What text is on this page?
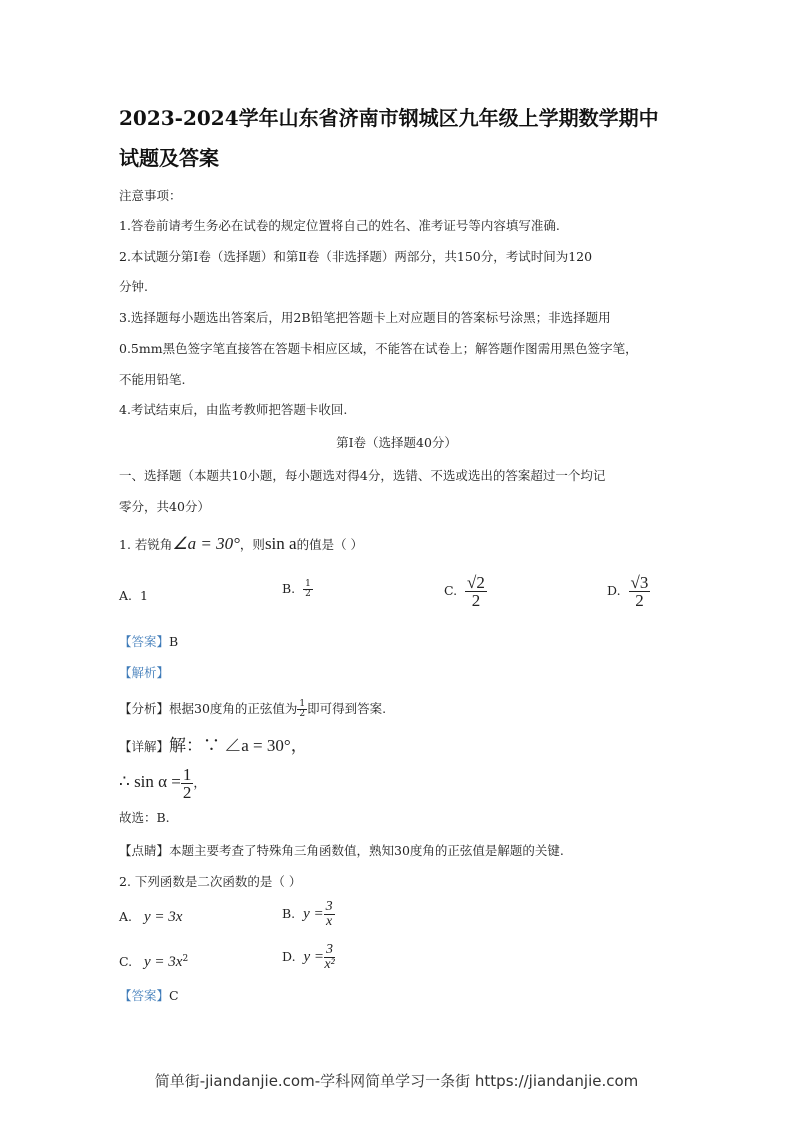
2023-2024学年山东省济南市钢城区九年级上学期数学期中
试题及答案
注意事项：
1.答卷前请考生务必在试卷的规定位置将自己的姓名、准考证号等内容填写准确.
2.本试题分第Ⅰ卷（选择题）和第Ⅱ卷（非选择题）两部分，共150分，考试时间为120
分钟.
3.选择题每小题选出答案后，用2B铅笔把答题卡上对应题目的答案标号涂黑；非选择题用
0.5mm黑色签字笔直接答在答题卡相应区域，不能答在试卷上；解答题作图需用黑色签字笔，
不能用铅笔.
4.考试结束后，由监考教师把答题卡收回.
第Ⅰ卷（选择题40分）
一、选择题（本题共10小题，每小题选对得4分，选错、不选或选出的答案超过一个均记
零分，共40分）
1. 若锐角∠a = 30°，则sin a的值是（ ）
A. 1	B. $\frac{1}{2}$	C. $\frac{√2}{2}$	D. $\frac{√3}{2}$
【答案】B
【解析】
【分析】根据30度角的正弦值为 $\frac{1}{2}$ 即可得到答案.
【详解】解：∵ ∠a = 30°，
∴ $\sin \alpha = \frac{1}{2}$ ，
故选：B.
【点睛】本题主要考查了特殊角三角函数值，熟知30度角的正弦值是解题的关键.
2. 下列函数是二次函数的是（ ）
A. y = 3x	B. $y = \frac{3}{x}$
C. $y = 3x^2$	D. $y = \frac{3}{\text{x²}}$
【答案】C
简单街-jiandanjie.com-学科网简单学习一条街 https://jiandanjie.com
